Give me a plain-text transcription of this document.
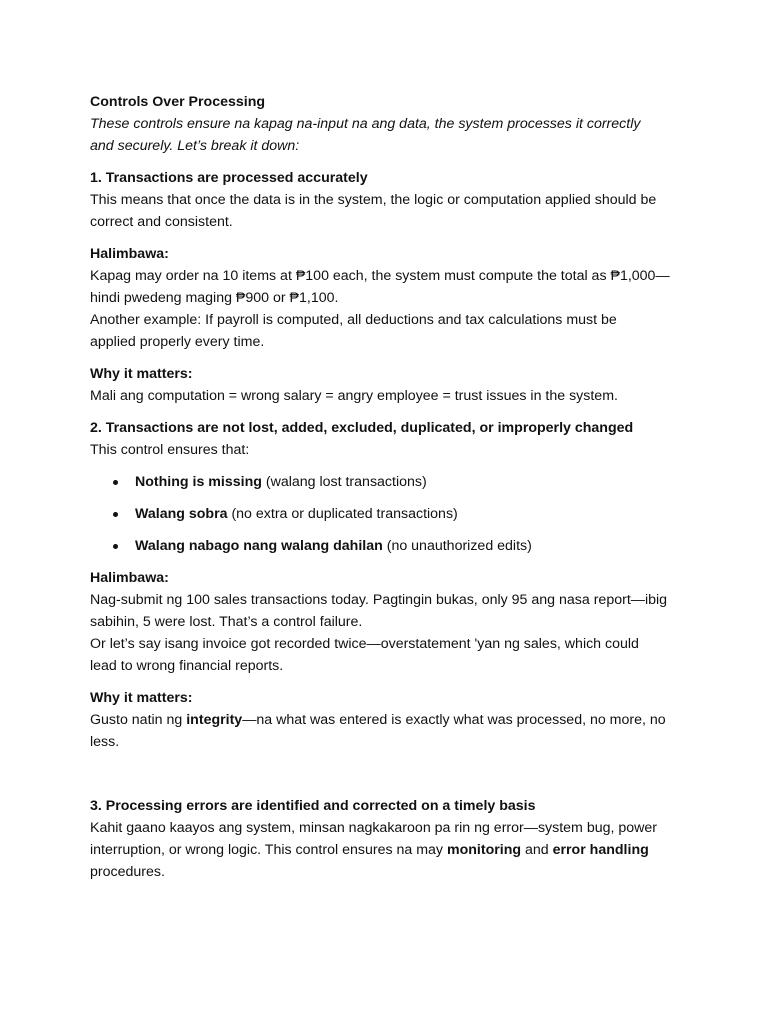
Controls Over Processing
These controls ensure na kapag na-input na ang data, the system processes it correctly
and securely. Let’s break it down:
1. Transactions are processed accurately
This means that once the data is in the system, the logic or computation applied should be
correct and consistent.
Halimbawa:
Kapag may order na 10 items at ₱100 each, the system must compute the total as ₱1,000—
hindi pwedeng maging ₱900 or ₱1,100.
Another example: If payroll is computed, all deductions and tax calculations must be
applied properly every time.
Why it matters:
Mali ang computation = wrong salary = angry employee = trust issues in the system.
2. Transactions are not lost, added, excluded, duplicated, or improperly changed
This control ensures that:
Nothing is missing (walang lost transactions)
Walang sobra (no extra or duplicated transactions)
Walang nabago nang walang dahilan (no unauthorized edits)
Halimbawa:
Nag-submit ng 100 sales transactions today. Pagtingin bukas, only 95 ang nasa report—ibig
sabihin, 5 were lost. That’s a control failure.
Or let’s say isang invoice got recorded twice—overstatement 'yan ng sales, which could
lead to wrong financial reports.
Why it matters:
Gusto natin ng integrity—na what was entered is exactly what was processed, no more, no
less.
3. Processing errors are identified and corrected on a timely basis
Kahit gaano kaayos ang system, minsan nagkakaroon pa rin ng error—system bug, power
interruption, or wrong logic. This control ensures na may monitoring and error handling
procedures.
